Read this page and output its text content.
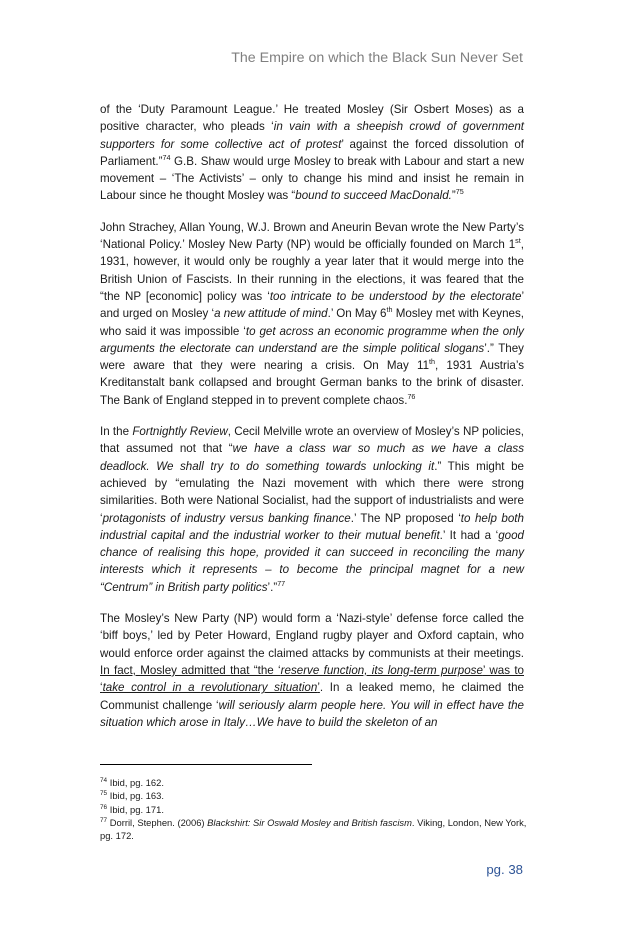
The Empire on which the Black Sun Never Set

of the ‘Duty Paramount League.’ He treated Mosley (Sir Osbert Moses) as a positive character, who pleads ‘in vain with a sheepish crowd of government supporters for some collective act of protest’ against the forced dissolution of Parliament.”$^{74}$ G.B. Shaw would urge Mosley to break with Labour and start a new movement – ‘The Activists’ – only to change his mind and insist he remain in Labour since he thought Mosley was “bound to succeed MacDonald.”$^{75}$

John Strachey, Allan Young, W.J. Brown and Aneurin Bevan wrote the New Party’s ‘National Policy.’ Mosley New Party (NP) would be officially founded on March 1st, 1931, however, it would only be roughly a year later that it would merge into the British Union of Fascists. In their running in the elections, it was feared that the “the NP [economic] policy was ‘too intricate to be understood by the electorate’ and urged on Mosley ‘a new attitude of mind.’ On May 6th Mosley met with Keynes, who said it was impossible ‘to get across an economic programme when the only arguments the electorate can understand are the simple political slogans’.” They were aware that they were nearing a crisis. On May 11th, 1931 Austria’s Kreditanstalt bank collapsed and brought German banks to the brink of disaster. The Bank of England stepped in to prevent complete chaos.$^{76}$

In the Fortnightly Review, Cecil Melville wrote an overview of Mosley’s NP policies, that assumed not that “we have a class war so much as we have a class deadlock. We shall try to do something towards unlocking it.” This might be achieved by “emulating the Nazi movement with which there were strong similarities. Both were National Socialist, had the support of industrialists and were ‘protagonists of industry versus banking finance.’ The NP proposed ‘to help both industrial capital and the industrial worker to their mutual benefit.’ It had a ‘good chance of realising this hope, provided it can succeed in reconciling the many interests which it represents – to become the principal magnet for a new “Centrum” in British party politics’.”$^{77}$

The Mosley’s New Party (NP) would form a ‘Nazi-style’ defense force called the ‘biff boys,’ led by Peter Howard, England rugby player and Oxford captain, who would enforce order against the claimed attacks by communists at their meetings. In fact, Mosley admitted that “the ‘reserve function, its long-term purpose’ was to ‘take control in a revolutionary situation’. In a leaked memo, he claimed the Communist challenge ‘will seriously alarm people here. You will in effect have the situation which arose in Italy…We have to build the skeleton of an

$^{74}$ Ibid, pg. 162.
$^{75}$ Ibid, pg. 163.
$^{76}$ Ibid, pg. 171.
$^{77}$ Dorril, Stephen. (2006) Blackshirt: Sir Oswald Mosley and British fascism. Viking, London, New York, pg. 172.
pg. 38
